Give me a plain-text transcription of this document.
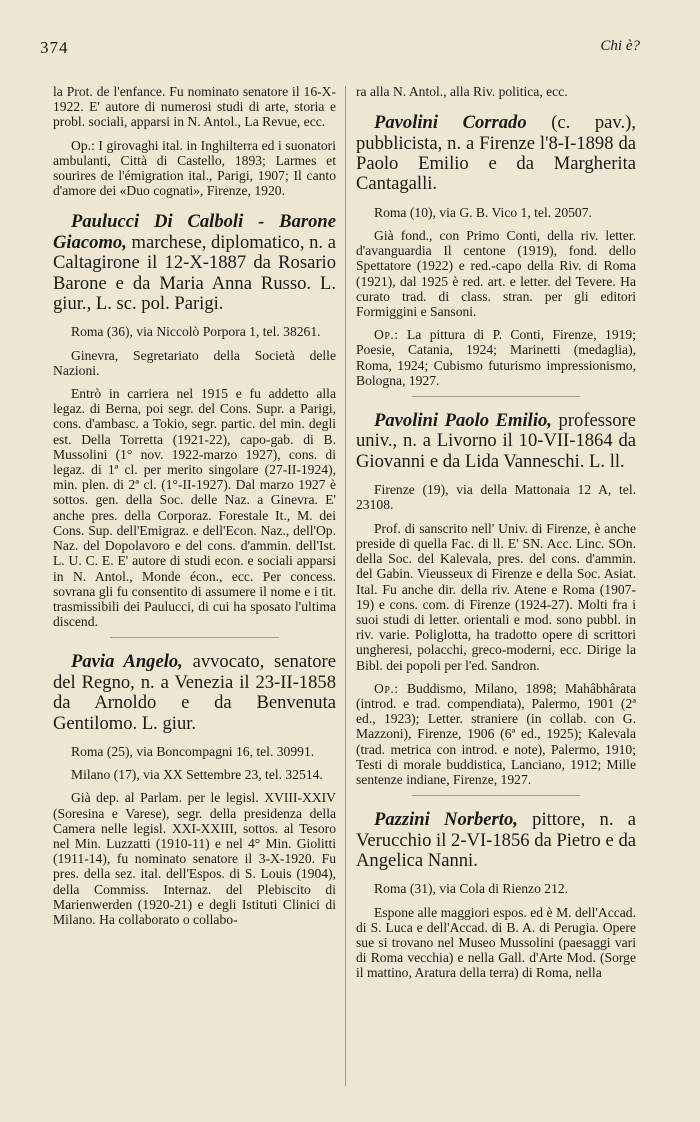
374	Chi è?

la Prot. de l'enfance. Fu nominato senatore il 16-X-1922. E' autore di numerosi studi di arte, storia e probl. sociali, apparsi in N. Antol., La Revue, ecc.

Op.: I girovaghi ital. in Inghilterra ed i suonatori ambulanti, Città di Castello, 1893; Larmes et sourires de l'émigration ital., Parigi, 1907; Il canto d'amore dei «Duo cognati», Firenze, 1920.

Paulucci Di Calboli - Barone Giacomo, marchese, diplomatico, n. a Caltagirone il 12-X-1887 da Rosario Barone e da Maria Anna Russo. L. giur., L. sc. pol. Parigi.

Roma (36), via Niccolò Porpora 1, tel. 38261.

Ginevra, Segretariato della Società delle Nazioni.

Entrò in carriera nel 1915 e fu addetto alla legaz. di Berna, poi segr. del Cons. Supr. a Parigi, cons. d'ambasc. a Tokio, segr. partic. del min. degli est. Della Torretta (1921-22), capo-gab. di B. Mussolini (1° nov. 1922-marzo 1927), cons. di legaz. di 1ª cl. per merito singolare (27-II-1924), min. plen. di 2ª cl. (1°-II-1927). Dal marzo 1927 è sottos. gen. della Soc. delle Naz. a Ginevra. E' anche pres. della Corporaz. Forestale It., M. dei Cons. Sup. dell'Emigraz. e dell'Econ. Naz., dell'Op. Naz. del Dopolavoro e del cons. d'ammin. dell'Ist. L. U. C. E. E' autore di studi econ. e sociali apparsi in N. Antol., Monde écon., ecc. Per concess. sovrana gli fu consentito di assumere il nome e i tit. trasmissibili dei Paulucci, di cui ha sposato l'ultima discend.

Pavia Angelo, avvocato, senatore del Regno, n. a Venezia il 23-II-1858 da Arnoldo e da Benvenuta Gentilomo. L. giur.

Roma (25), via Boncompagni 16, tel. 30991.

Milano (17), via XX Settembre 23, tel. 32514.

Già dep. al Parlam. per le legisl. XVIII-XXIV (Soresina e Varese), segr. della presidenza della Camera nelle legisl. XXI-XXIII, sottos. al Tesoro nel Min. Luzzatti (1910-11) e nel 4° Min. Giolitti (1911-14), fu nominato senatore il 3-X-1920. Fu pres. della sez. ital. dell'Espos. di S. Louis (1904), della Commiss. Internaz. del Plebiscito di Marienwerden (1920-21) e degli Istituti Clinici di Milano. Ha collaborato o collabo-

ra alla N. Antol., alla Riv. politica, ecc.

Pavolini Corrado (c. pav.), pubblicista, n. a Firenze l'8-I-1898 da Paolo Emilio e da Margherita Cantagalli.

Roma (10), via G. B. Vico 1, tel. 20507.

Già fond., con Primo Conti, della riv. letter. d'avanguardia Il centone (1919), fond. dello Spettatore (1922) e red.-capo della Riv. di Roma (1921), dal 1925 è red. art. e letter. del Tevere. Ha curato trad. di class. stran. per gli editori Formiggini e Sansoni.

Op.: La pittura di P. Conti, Firenze, 1919; Poesie, Catania, 1924; Marinetti (medaglia), Roma, 1924; Cubismo futurismo impressionismo, Bologna, 1927.

Pavolini Paolo Emilio, professore univ., n. a Livorno il 10-VII-1864 da Giovanni e da Lida Vanneschi. L. ll.

Firenze (19), via della Mattonaia 12 A, tel. 23108.

Prof. di sanscrito nell' Univ. di Firenze, è anche preside di quella Fac. di ll. E' SN. Acc. Linc. SOn. della Soc. del Kalevala, pres. del cons. d'ammin. del Gabin. Vieusseux di Firenze e della Soc. Asiat. Ital. Fu anche dir. della riv. Atene e Roma (1907-19) e cons. com. di Firenze (1924-27). Molti fra i suoi studi di letter. orientali e mod. sono pubbl. in riv. varie. Poliglotta, ha tradotto opere di scrittori ungheresi, polacchi, greco-moderni, ecc. Dirige la Bibl. dei popoli per l'ed. Sandron.

Op.: Buddismo, Milano, 1898; Mahâbhârata (introd. e trad. compendiata), Palermo, 1901 (2ª ed., 1923); Letter. straniere (in collab. con G. Mazzoni), Firenze, 1906 (6ª ed., 1925); Kalevala (trad. metrica con introd. e note), Palermo, 1910; Testi di morale buddistica, Lanciano, 1912; Mille sentenze indiane, Firenze, 1927.

Pazzini Norberto, pittore, n. a Verucchio il 2-VI-1856 da Pietro e da Angelica Nanni.

Roma (31), via Cola di Rienzo 212.

Espone alle maggiori espos. ed è M. dell'Accad. di S. Luca e dell'Accad. di B. A. di Perugia. Opere sue si trovano nel Museo Mussolini (paesaggi vari di Roma vecchia) e nella Gall. d'Arte Mod. (Sorge il mattino, Aratura della terra) di Roma, nella
